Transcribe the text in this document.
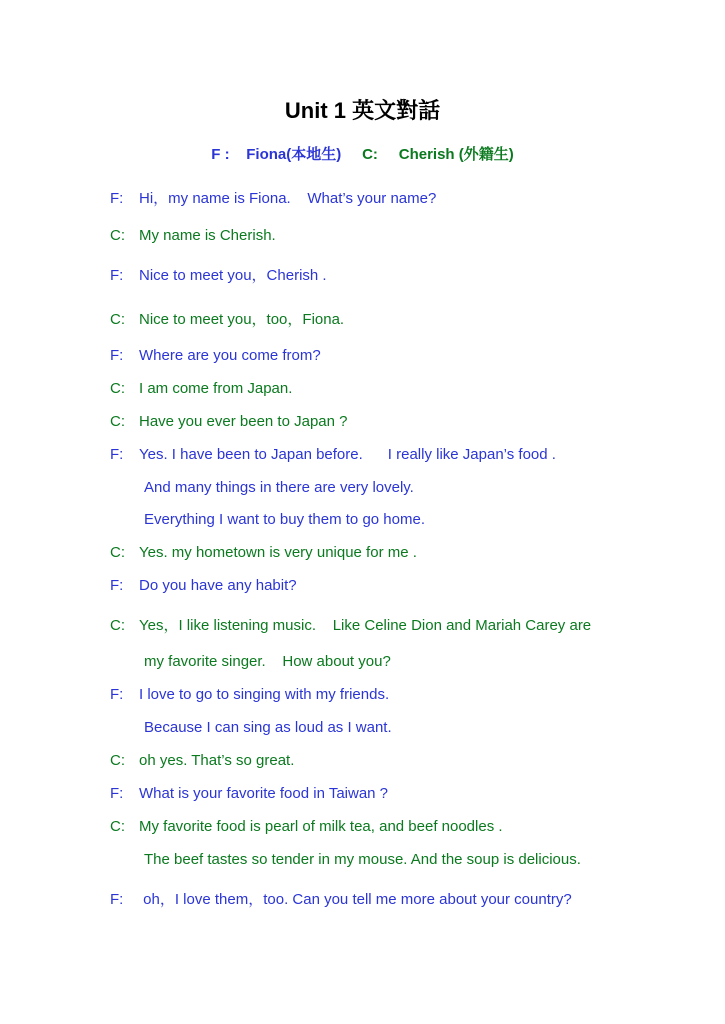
Unit 1 英文對話
F : Fiona(本地生) C: Cherish (外籍生)
F: Hi，my name is Fiona.    What’s your name?
C: My name is Cherish.
F: Nice to meet you，Cherish .
C: Nice to meet you，too，Fiona.
F: Where are you come from?
C: I am come from Japan.
C: Have you ever been to Japan ?
F: Yes. I have been to Japan before.      I really like Japan’s food .
And many things in there are very lovely.
Everything I want to buy them to go home.
C: Yes. my hometown is very unique for me .
F: Do you have any habit?
C: Yes，I like listening music.    Like Celine Dion and Mariah Carey are
my favorite singer.    How about you?
F: I love to go to singing with my friends.
Because I can sing as loud as I want.
C: oh yes. That’s so great.
F: What is your favorite food in Taiwan ?
C: My favorite food is pearl of milk tea, and beef noodles .
The beef tastes so tender in my mouse. And the soup is delicious.
F: oh，I love them，too. Can you tell me more about your country?
